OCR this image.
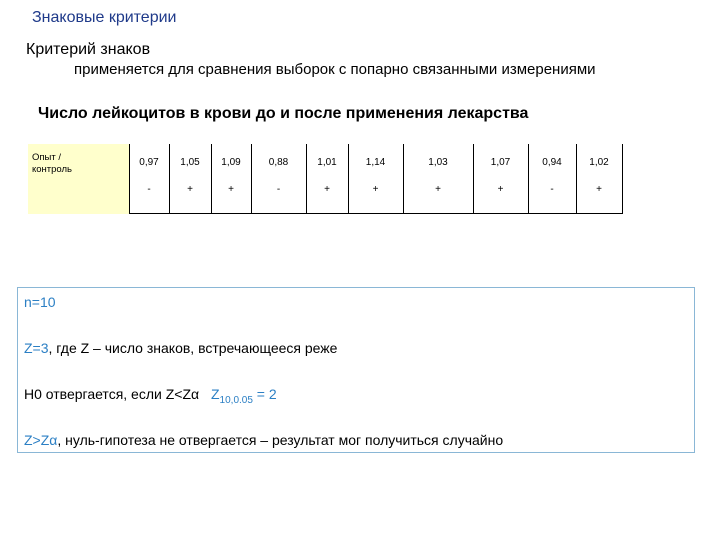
Знаковые критерии
Критерий знаков
применяется для сравнения выборок с попарно связанными измерениями
Число лейкоцитов в крови до и после применения лекарства
Опыт /
контроль	0,97	1,05	1,09	0,88	1,01	1,14	1,03	1,07	0,94	1,02
	-	+	+	-	+	+	+	+	-	+
n=10
Z=3, где Z – число знаков, встречающееся реже
H0 отвергается, если Z<Zα $Z_{10,0.05} = 2$
Z>Zα, нуль-гипотеза не отвергается – результат мог получиться случайно
